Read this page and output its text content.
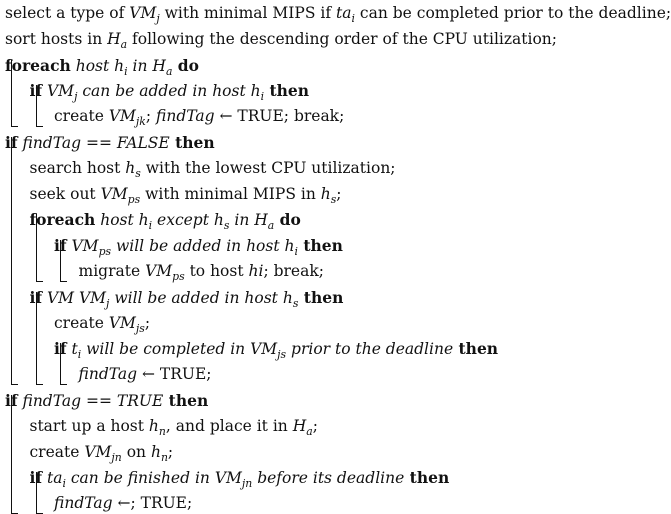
select a type of $VM_j$ with minimal MIPS if $ta_i$ can be completed prior to the deadline;
sort hosts in $H_a$ following the descending order of the CPU utilization;
foreach host $h_i$ in $H_a$ do
if $VM_j$ can be added in host $h_i$ then
create $VM_{jk}$; findTag ← TRUE; break;
if findTag == FALSE then
search host $h_s$ with the lowest CPU utilization;
seek out $VM_{ps}$ with minimal MIPS in $h_s$;
foreach host $h_i$ except $h_s$ in $H_a$ do
if $VM_{ps}$ will be added in host $h_i$ then
migrate $VM_{ps}$ to host hi; break;
if VM $VM_j$ will be added in host $h_s$ then
create $VM_{js}$;
if $t_i$ will be completed in $VM_{js}$ prior to the deadline then
findTag ← TRUE;
if findTag == TRUE then
start up a host $h_n$, and place it in $H_a$;
create $VM_{jn}$ on $h_n$;
if $ta_i$ can be finished in $VM_{jn}$ before its deadline then
findTag ←; TRUE;
